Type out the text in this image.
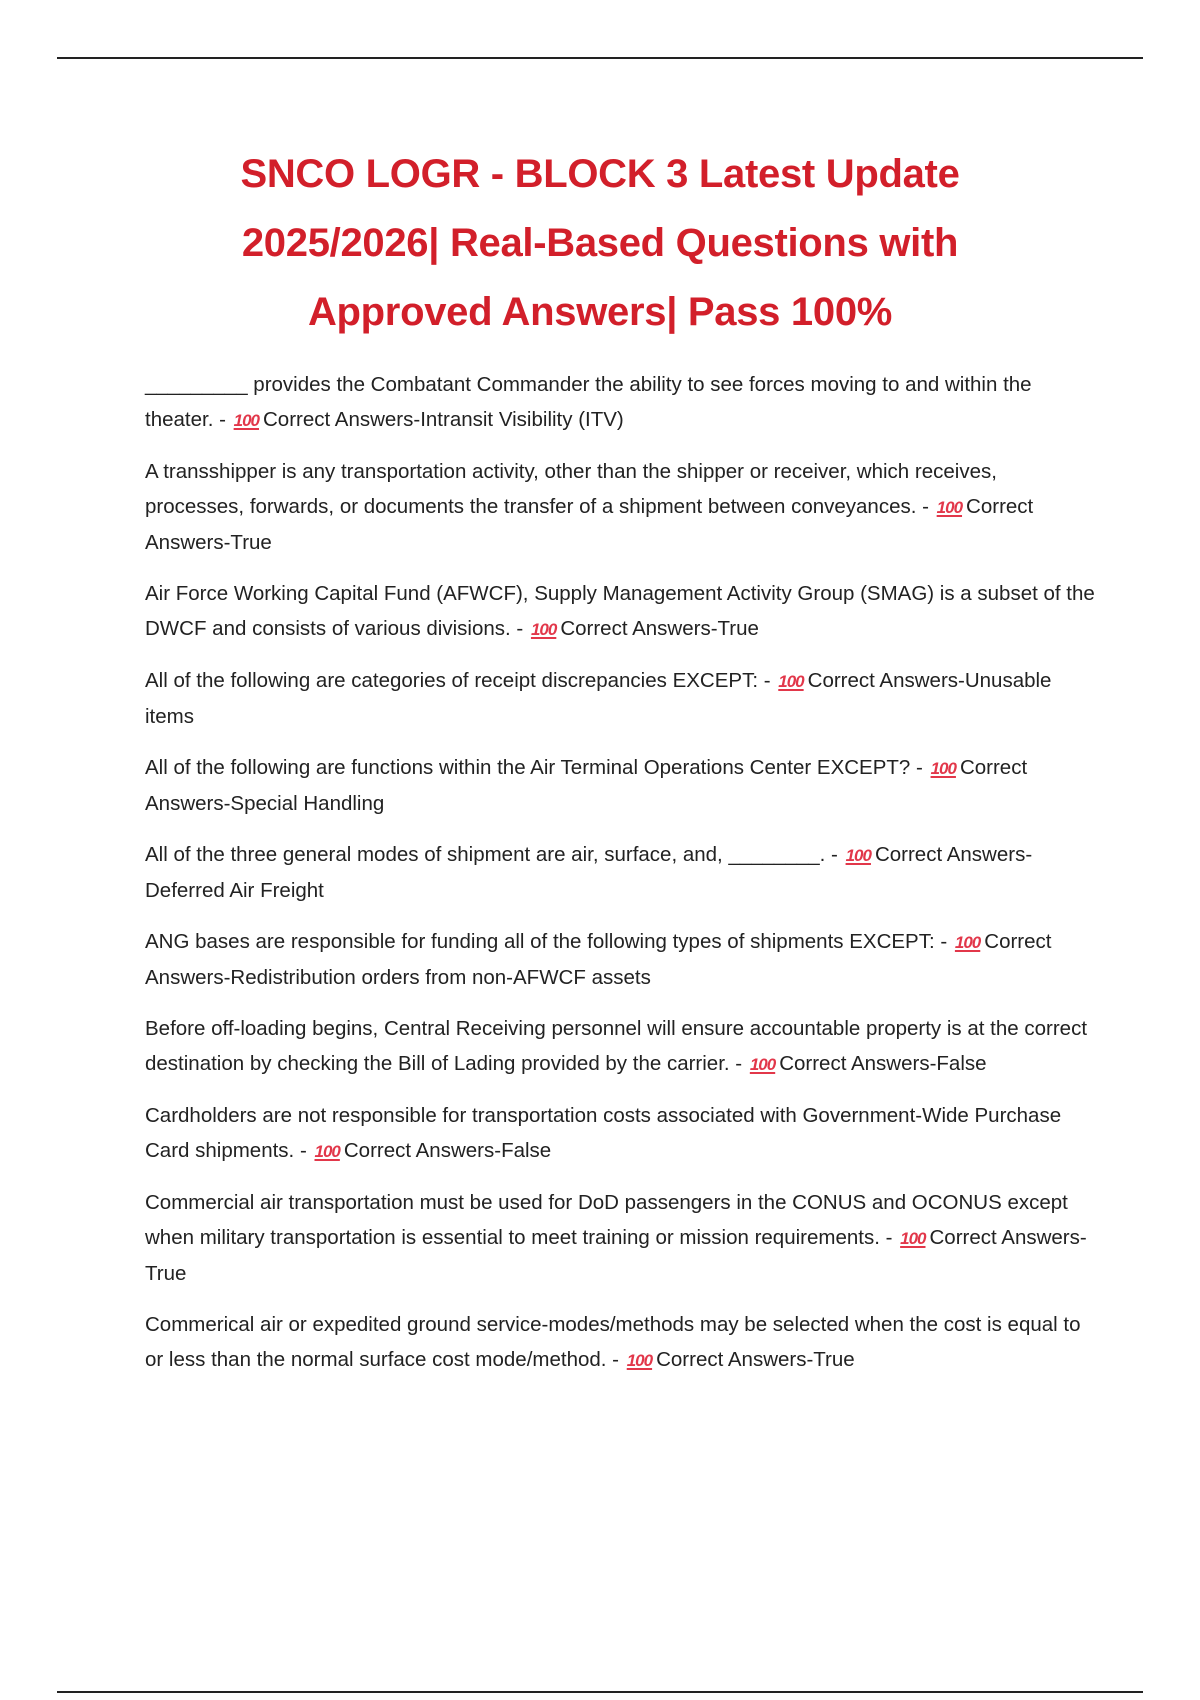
SNCO LOGR - BLOCK 3 Latest Update
2025/2026| Real-Based Questions with
Approved Answers| Pass 100%

_________ provides the Combatant Commander the ability to see forces moving to and within the theater. - 100 Correct Answers-Intransit Visibility (ITV)

A transshipper is any transportation activity, other than the shipper or receiver, which receives, processes, forwards, or documents the transfer of a shipment between conveyances. - 100 Correct Answers-True

Air Force Working Capital Fund (AFWCF), Supply Management Activity Group (SMAG) is a subset of the DWCF and consists of various divisions. - 100 Correct Answers-True

All of the following are categories of receipt discrepancies EXCEPT: - 100 Correct Answers-Unusable items

All of the following are functions within the Air Terminal Operations Center EXCEPT? - 100 Correct Answers-Special Handling

All of the three general modes of shipment are air, surface, and, ________. - 100 Correct Answers-Deferred Air Freight

ANG bases are responsible for funding all of the following types of shipments EXCEPT: - 100 Correct Answers-Redistribution orders from non-AFWCF assets

Before off-loading begins, Central Receiving personnel will ensure accountable property is at the correct destination by checking the Bill of Lading provided by the carrier. - 100 Correct Answers-False

Cardholders are not responsible for transportation costs associated with Government-Wide Purchase Card shipments. - 100 Correct Answers-False

Commercial air transportation must be used for DoD passengers in the CONUS and OCONUS except when military transportation is essential to meet training or mission requirements. - 100 Correct Answers-True

Commerical air or expedited ground service-modes/methods may be selected when the cost is equal to or less than the normal surface cost mode/method. - 100 Correct Answers-True
